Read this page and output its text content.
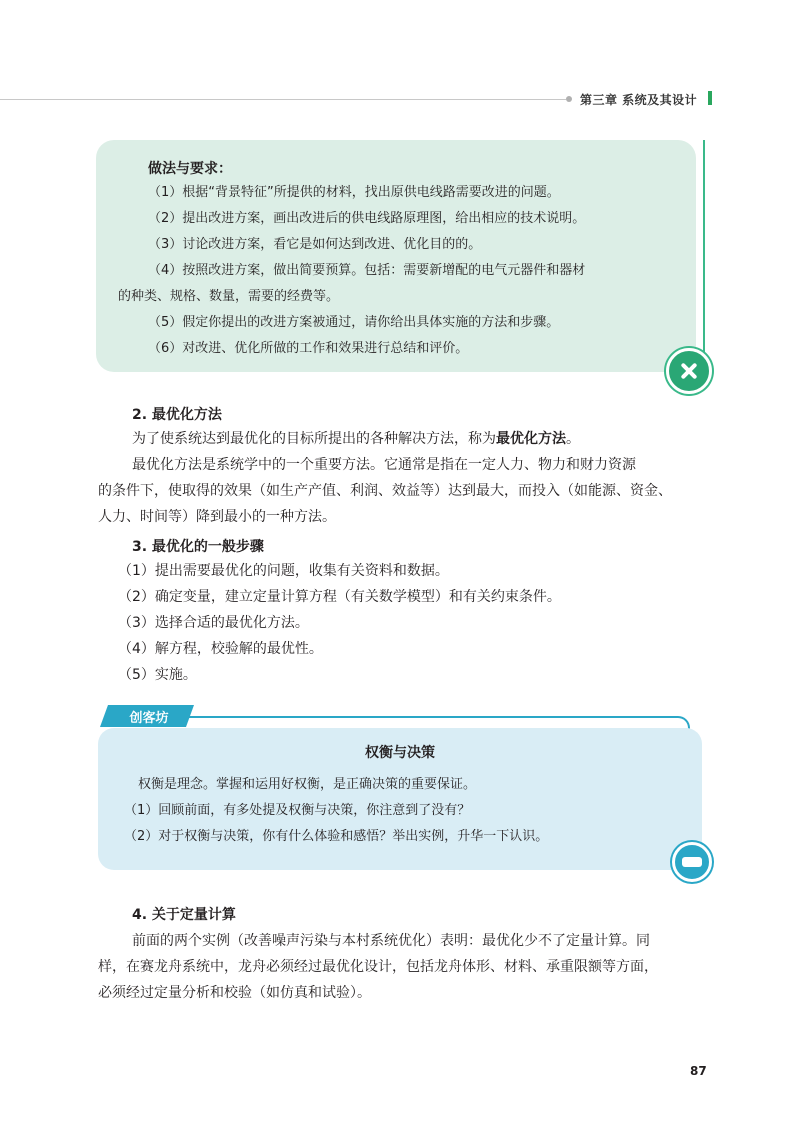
第三章 系统及其设计
做法与要求：
（1）根据“背景特征”所提供的材料，找出原供电线路需要改进的问题。
（2）提出改进方案，画出改进后的供电线路原理图，给出相应的技术说明。
（3）讨论改进方案，看它是如何达到改进、优化目的的。
（4）按照改进方案，做出简要预算。包括：需要新增配的电气元器件和器材
的种类、规格、数量，需要的经费等。
（5）假定你提出的改进方案被通过，请你给出具体实施的方法和步骤。
（6）对改进、优化所做的工作和效果进行总结和评价。
2. 最优化方法
为了使系统达到最优化的目标所提出的各种解决方法，称为最优化方法。
最优化方法是系统学中的一个重要方法。它通常是指在一定人力、物力和财力资源
的条件下，使取得的效果（如生产产值、利润、效益等）达到最大，而投入（如能源、资金、
人力、时间等）降到最小的一种方法。
3. 最优化的一般步骤
（1）提出需要最优化的问题，收集有关资料和数据。
（2）确定变量，建立定量计算方程（有关数学模型）和有关约束条件。
（3）选择合适的最优化方法。
（4）解方程，校验解的最优性。
（5）实施。
创客坊
权衡与决策
权衡是理念。掌握和运用好权衡，是正确决策的重要保证。
（1）回顾前面，有多处提及权衡与决策，你注意到了没有？
（2）对于权衡与决策，你有什么体验和感悟？举出实例，升华一下认识。
4. 关于定量计算
前面的两个实例（改善噪声污染与本村系统优化）表明：最优化少不了定量计算。同
样，在赛龙舟系统中，龙舟必须经过最优化设计，包括龙舟体形、材料、承重限额等方面，
必须经过定量分析和校验（如仿真和试验）。
87
